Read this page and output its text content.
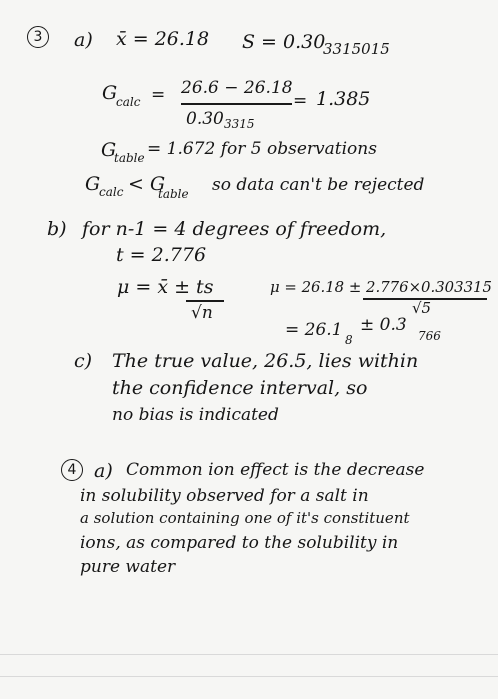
3	a) x̄ = 26.18 S = 0.30
3315015
G
calc = 26.6 − 26.18
0.30 3315
= 1.385
G
table = 1.672 for 5 observations
G
calc < G
table so data can't be rejected
b) for n-1 = 4 degrees of freedom,
t = 2.776
μ = x̄ ± ts
√n
μ = 26.18 ± 2.776×0.303315
√5
= 26.1 8
± 0.3
766
c) The true value, 26.5, lies within
the confidence interval, so
no bias is indicated
4 a) Common ion effect is the decrease
in solubility observed for a salt in
a solution containing one of it's constituent
ions, as compared to the solubility in
pure water
